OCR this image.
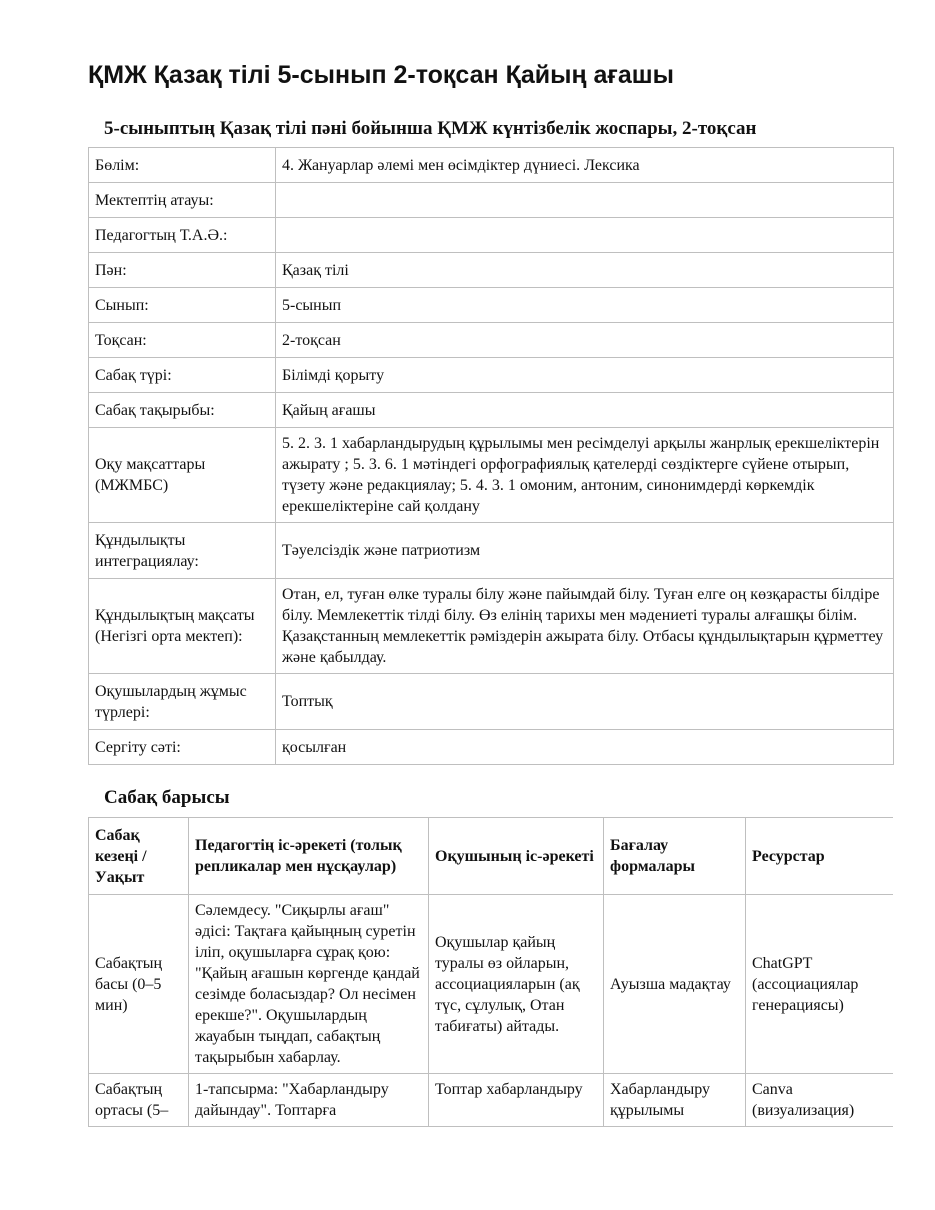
ҚМЖ Қазақ тілі 5-сынып 2-тоқсан Қайың ағашы

5-сыныптың Қазақ тілі пәні бойынша ҚМЖ күнтізбелік жоспары, 2-тоқсан

Бөлім:	4. Жануарлар әлемі мен өсімдіктер дүниесі. Лексика
Мектептің атауы:	
Педагогтың Т.А.Ә.:	
Пән:	Қазақ тілі
Сынып:	5-сынып
Тоқсан:	2-тоқсан
Сабақ түрі:	Білімді қорыту
Сабақ тақырыбы:	Қайың ағашы
Оқу мақсаттары (МЖМБС)	5. 2. 3. 1 хабарландырудың құрылымы мен ресімделуі арқылы жанрлық ерекшеліктерін ажырату ; 5. 3. 6. 1 мәтіндегі орфографиялық қателерді сөздіктерге сүйене отырып, түзету және редакциялау; 5. 4. 3. 1 омоним, антоним, синонимдерді көркемдік ерекшеліктеріне сай қолдану
Құндылықты интеграциялау:	Тәуелсіздік және патриотизм
Құндылықтың мақсаты (Негізгі орта мектеп):	Отан, ел, туған өлке туралы білу және пайымдай білу. Туған елге оң көзқарасты білдіре білу. Мемлекеттік тілді білу. Өз елінің тарихы мен мәдениеті туралы алғашқы білім. Қазақстанның мемлекеттік рәміздерін ажырата білу. Отбасы құндылықтарын құрметтеу және қабылдау.
Оқушылардың жұмыс түрлері:	Топтық
Сергіту сәті:	қосылған

Сабақ барысы

Сабақ кезеңі / Уақыт	Педагогтің іс-әрекеті (толық репликалар мен нұсқаулар)	Оқушының іс-әрекеті	Бағалау формалары	Ресурстар
Сабақтың басы (0–5 мин)	Сәлемдесу. "Сиқырлы ағаш" әдісі: Тақтаға қайыңның суретін іліп, оқушыларға сұрақ қою: "Қайың ағашын көргенде қандай сезімде боласыздар? Ол несімен ерекше?". Оқушылардың жауабын тыңдап, сабақтың тақырыбын хабарлау.	Оқушылар қайың туралы өз ойларын, ассоциацияларын (ақ түс, сұлулық, Отан табиғаты) айтады.	Ауызша мадақтау	ChatGPT (ассоциациялар генерациясы)
Сабақтың ортасы (5–	1-тапсырма: "Хабарландыру дайындау". Топтарға	Топтар хабарландыру	Хабарландыру құрылымы	Canva (визуализация)
